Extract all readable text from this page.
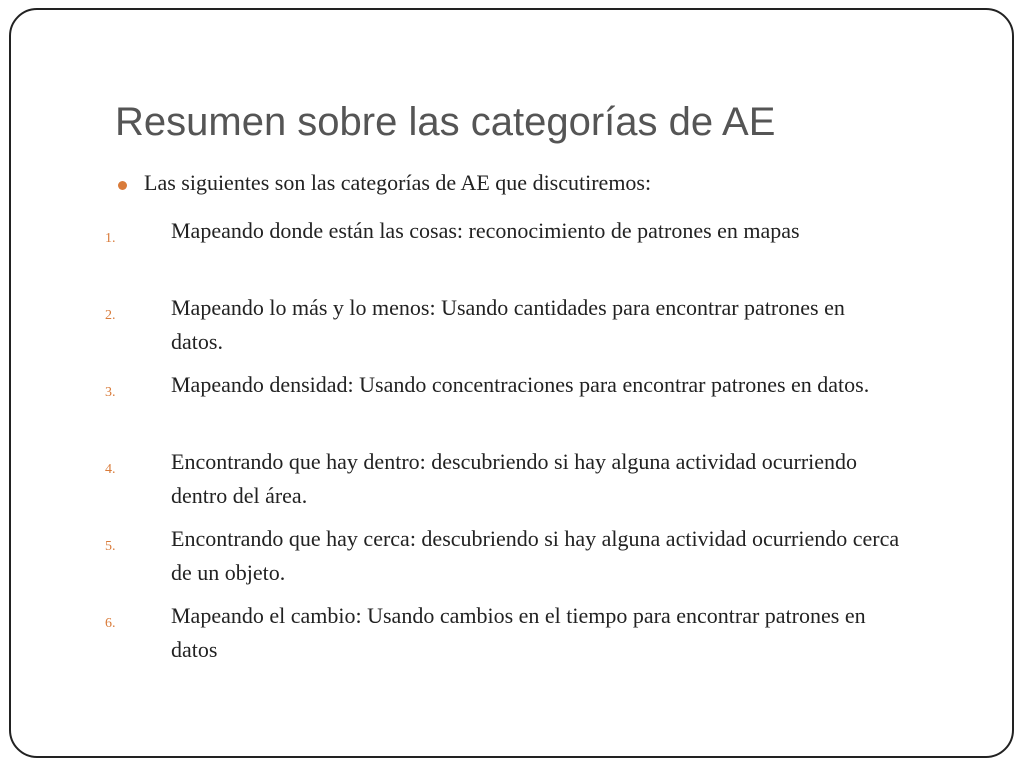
Resumen sobre las categorías de AE
Las siguientes son las categorías de AE que discutiremos:
1.	Mapeando donde están las cosas: reconocimiento de patrones en mapas
2.	Mapeando lo más y lo menos: Usando cantidades para encontrar patrones en datos.
3.	Mapeando densidad: Usando concentraciones para encontrar patrones en datos.
4.	Encontrando que hay dentro: descubriendo si hay alguna actividad ocurriendo dentro del área.
5.	Encontrando que hay cerca: descubriendo si hay alguna actividad ocurriendo cerca de un objeto.
6.	Mapeando el cambio: Usando cambios en el tiempo para encontrar patrones en datos
